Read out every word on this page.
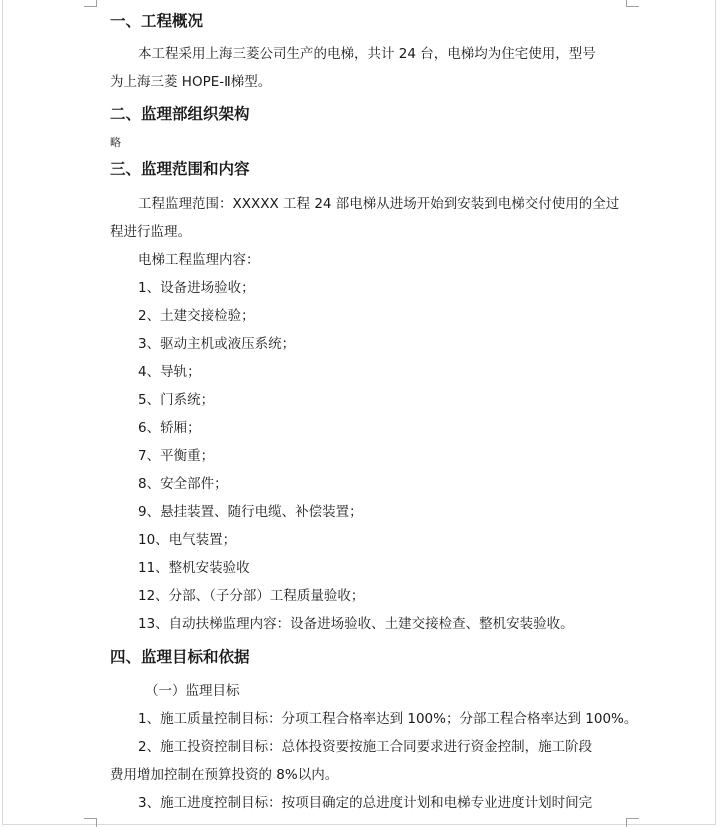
一、工程概况
本工程采用上海三菱公司生产的电梯，共计 24 台，电梯均为住宅使用，型号
为上海三菱 HOPE-Ⅱ梯型。
二、监理部组织架构
略
三、监理范围和内容
工程监理范围：XXXXX 工程 24 部电梯从进场开始到安装到电梯交付使用的全过
程进行监理。
电梯工程监理内容：
1、设备进场验收；
2、土建交接检验；
3、驱动主机或液压系统；
4、导轨；
5、门系统；
6、轿厢；
7、平衡重；
8、安全部件；
9、悬挂装置、随行电缆、补偿装置；
10、电气装置；
11、整机安装验收
12、分部、（子分部）工程质量验收；
13、自动扶梯监理内容：设备进场验收、土建交接检查、整机安装验收。
四、监理目标和依据
（一）监理目标
1、施工质量控制目标：分项工程合格率达到 100%；分部工程合格率达到 100%。
2、施工投资控制目标：总体投资要按施工合同要求进行资金控制，施工阶段
费用增加控制在预算投资的 8%以内。
3、施工进度控制目标：按项目确定的总进度计划和电梯专业进度计划时间完
